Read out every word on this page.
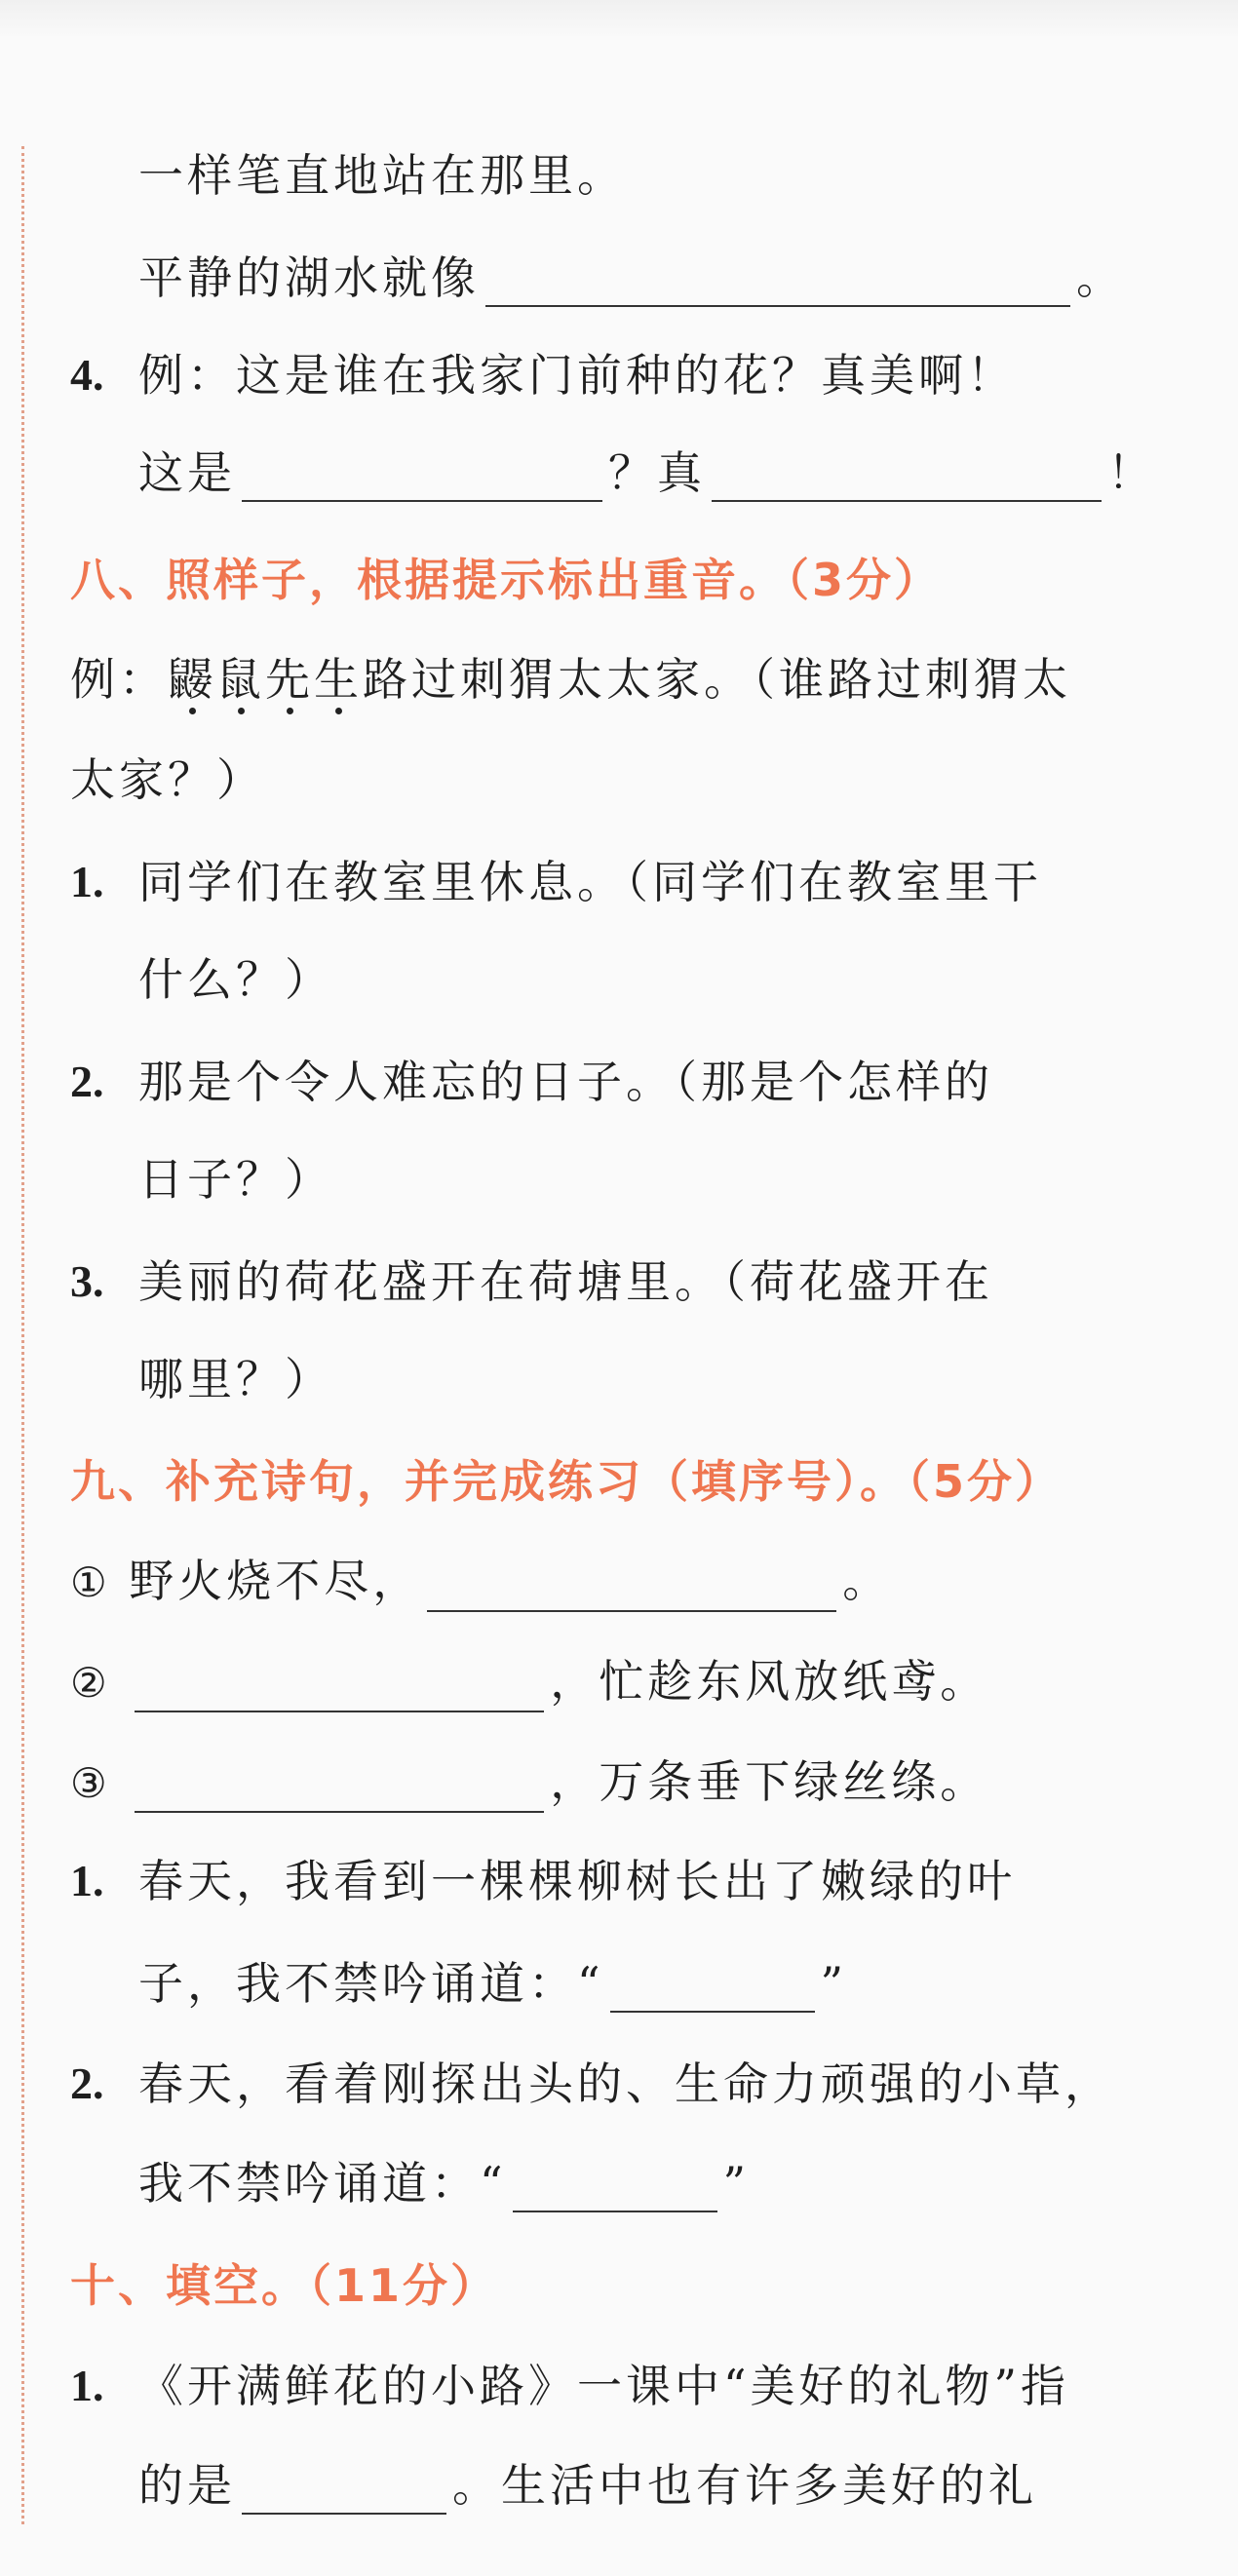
一样笔直地站在那里。
平静的湖水就像	。
4. 例：这是谁在我家门前种的花？真美啊！
这是	？真	！
八、照样子，根据提示标出重音。（3分）
例：鼹鼠先生路过刺猬太太家。（谁路过刺猬太
太家？）
1. 同学们在教室里休息。（同学们在教室里干
什么？）
2. 那是个令人难忘的日子。（那是个怎样的
日子？）
3. 美丽的荷花盛开在荷塘里。（荷花盛开在
哪里？）
九、补充诗句，并完成练习（填序号）。（5分）
① 野火烧不尽，	。
②	，忙趁东风放纸鸢。
③	，万条垂下绿丝绦。
1. 春天，我看到一棵棵柳树长出了嫩绿的叶
子，我不禁吟诵道：“	”
2. 春天，看着刚探出头的、生命力顽强的小草，
我不禁吟诵道：“	”
十、填空。（11分）
1. 《开满鲜花的小路》一课中“美好的礼物”指
的是	。生活中也有许多美好的礼
